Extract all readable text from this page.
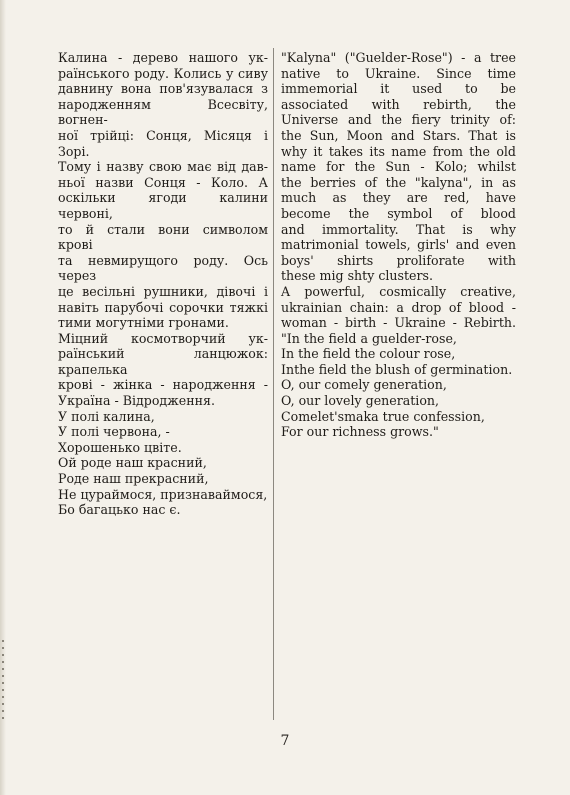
Калина - дерево нашого ук-
раїнського роду. Колись у сиву
давнину вона пов'язувалася з
народженням Всесвіту, вогнен-
ної трійці: Сонця, Місяця і Зорі.
Тому і назву свою має від дав-
ньої назви Сонця - Коло. А
оскільки ягоди калини червоні,
то й стали вони символом крові
та невмирущого роду. Ось через
це весільні рушники, дівочі і
навіть парубочі сорочки тяжкі
тими могутніми гронами.
Міцний космотворчий ук-
раїнський ланцюжок: крапелька
крові - жінка - народження -
Україна - Відродження.

У полі калина,
У полі червона, -
Хорошенько цвіте.
Ой роде наш красний,
Роде наш прекрасний,
Не цураймося, признаваймося,
Бо багацько нас є.

"Kalyna" ("Guelder-Rose") - a tree
native to Ukraine. Since time
immemorial it used to be
associated with rebirth, the
Universe and the fiery trinity of:
the Sun, Moon and Stars. That is
why it takes its name from the old
name for the Sun - Kolo; whilst
the berries of the "kalyna", in as
much as they are red, have
become the symbol of blood
and immortality. That is why
matrimonial towels, girls' and even
boys' shirts proliforate with
these mig shty clusters.
A powerful, cosmically creative,
ukrainian chain: a drop of blood -
woman - birth - Ukraine - Rebirth.

"In the field a guelder-rose,
In the field the colour rose,
Inthe field the blush of germination.
O, our comely generation,
O, our lovely generation,
Comelet'smaka true confession,
For our richness grows."

7
